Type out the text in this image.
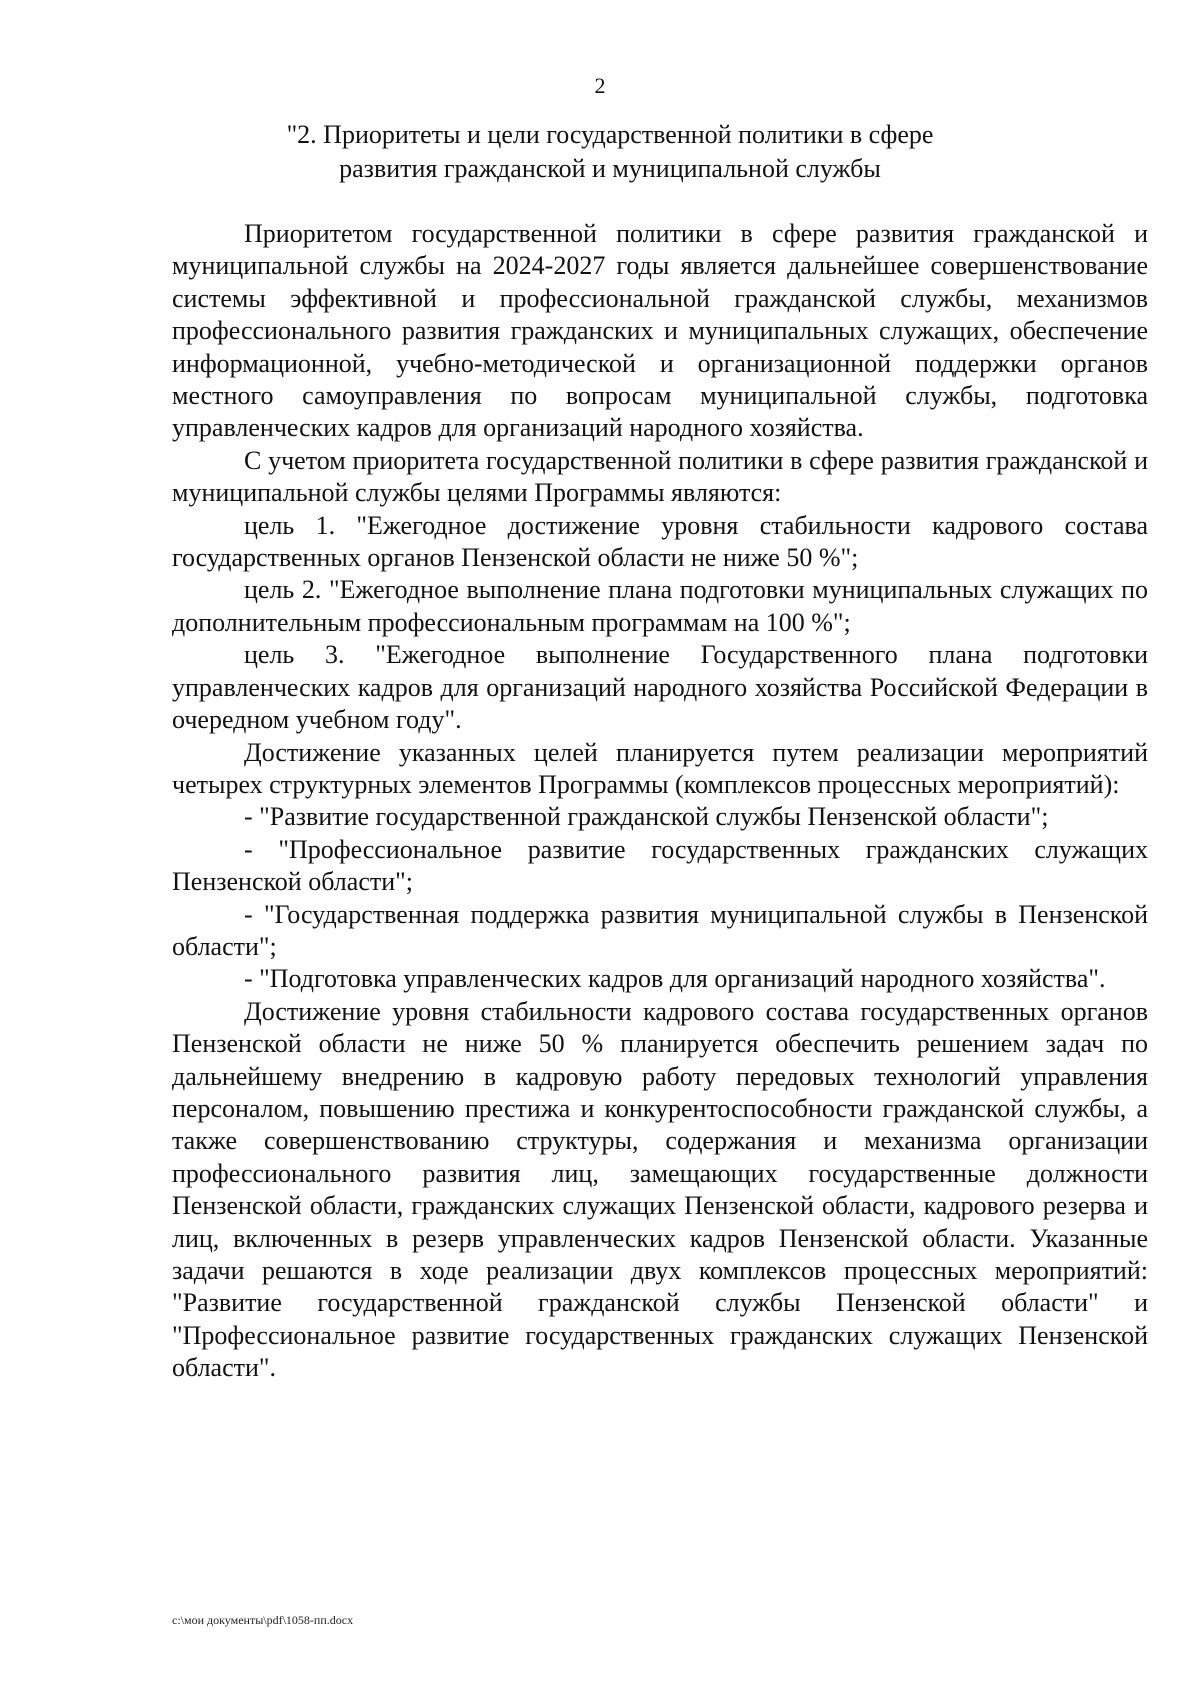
2
"2. Приоритеты и цели государственной политики в сфере
развития гражданской и муниципальной службы

Приоритетом государственной политики в сфере развития гражданской и муниципальной службы на 2024-2027 годы является дальнейшее совершенствование системы эффективной и профессиональной гражданской службы, механизмов профессионального развития гражданских и муниципальных служащих, обеспечение информационной, учебно-методической и организационной поддержки органов местного самоуправления по вопросам муниципальной службы, подготовка управленческих кадров для организаций народного хозяйства.

С учетом приоритета государственной политики в сфере развития гражданской и муниципальной службы целями Программы являются:

цель 1. "Ежегодное достижение уровня стабильности кадрового состава государственных органов Пензенской области не ниже 50 %";

цель 2. "Ежегодное выполнение плана подготовки муниципальных служащих по дополнительным профессиональным программам на 100 %";

цель 3. "Ежегодное выполнение Государственного плана подготовки управленческих кадров для организаций народного хозяйства Российской Федерации в очередном учебном году".

Достижение указанных целей планируется путем реализации мероприятий четырех структурных элементов Программы (комплексов процессных мероприятий):

- "Развитие государственной гражданской службы Пензенской области";

- "Профессиональное развитие государственных гражданских служащих Пензенской области";

- "Государственная поддержка развития муниципальной службы в Пензенской области";

- "Подготовка управленческих кадров для организаций народного хозяйства".

Достижение уровня стабильности кадрового состава государственных органов Пензенской области не ниже 50 % планируется обеспечить решением задач по дальнейшему внедрению в кадровую работу передовых технологий управления персоналом, повышению престижа и конкурентоспособности гражданской службы, а также совершенствованию структуры, содержания и механизма организации профессионального развития лиц, замещающих государственные должности Пензенской области, гражданских служащих Пензенской области, кадрового резерва и лиц, включенных в резерв управленческих кадров Пензенской области. Указанные задачи решаются в ходе реализации двух комплексов процессных мероприятий: "Развитие государственной гражданской службы Пензенской области" и "Профессиональное развитие государственных гражданских служащих Пензенской области".

c:\мои документы\pdf\1058-пп.docx
